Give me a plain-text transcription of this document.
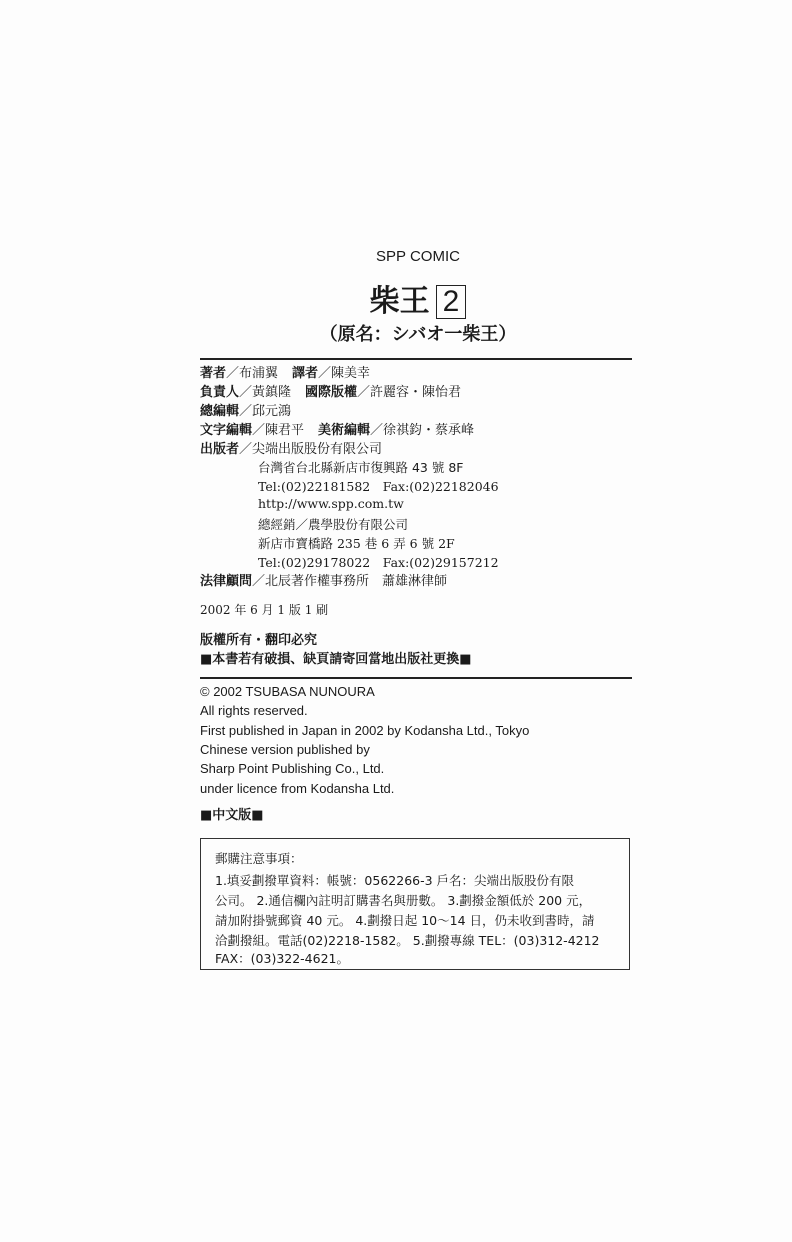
SPP COMIC
柴王 2
（原名：シバオ一柴王）
著者／布浦翼 譯者／陳美幸
負責人／黃鎮隆 國際版權／許麗容・陳怡君
總編輯／邱元鴻
文字編輯／陳君平 美術編輯／徐祺鈞・蔡承峰
出版者／尖端出版股份有限公司
台灣省台北縣新店市復興路 43 號 8F
Tel:(02)22181582　Fax:(02)22182046
http://www.spp.com.tw
總經銷／農學股份有限公司
新店市寶橋路 235 巷 6 弄 6 號 2F
Tel:(02)29178022　Fax:(02)29157212
法律顧問／北辰著作權事務所　蕭雄淋律師
2002 年 6 月 1 版 1 刷
版權所有・翻印必究
■本書若有破損、缺頁請寄回當地出版社更換■
© 2002 TSUBASA NUNOURA
All rights reserved.
First published in Japan in 2002 by Kodansha Ltd., Tokyo
Chinese version published by
Sharp Point Publishing Co., Ltd.
under licence from Kodansha Ltd.
■中文版■
郵購注意事項：
1.填妥劃撥單資料：帳號：0562266-3 戶名：尖端出版股份有限
公司。 2.通信欄內註明訂購書名與册數。 3.劃撥金額低於 200 元，
請加附掛號郵資 40 元。 4.劃撥日起 10～14 日，仍未收到書時，請
洽劃撥組。電話(02)2218-1582。 5.劃撥專線 TEL：(03)312-4212
FAX：(03)322-4621。
